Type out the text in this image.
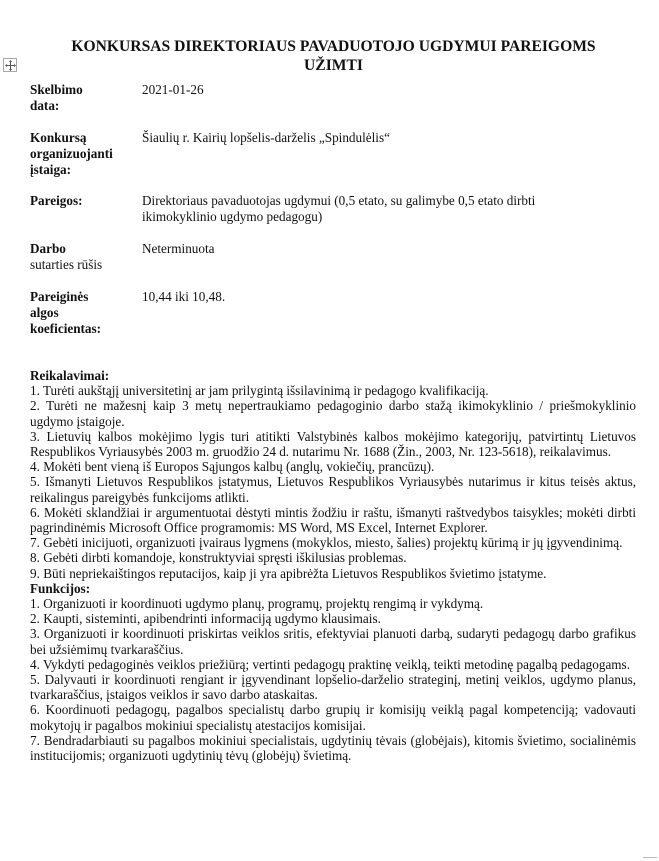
KONKURSAS DIREKTORIAUS PAVADUOTOJO UGDYMUI PAREIGOMS
UŽIMTI
Skelbimo
data:
2021-01-26
Konkursą
organizuojanti
įstaiga:
Šiaulių r. Kairių lopšelis-darželis „Spindulėlis“
Pareigos:	Direktoriaus pavaduotojas ugdymui (0,5 etato, su galimybe 0,5 etato dirbti
ikimokyklinio ugdymo pedagogu)
Darbo
sutarties rūšis
Neterminuota
Pareiginės
algos
koeficientas:
10,44 iki 10,48.
Reikalavimai:
1. Turėti aukštąjį universitetinį ar jam prilygintą išsilavinimą ir pedagogo kvalifikaciją.
2. Turėti ne mažesnį kaip 3 metų nepertraukiamo pedagoginio darbo stažą ikimokyklinio / priešmokyklinio ugdymo įstaigoje.
3. Lietuvių kalbos mokėjimo lygis turi atitikti Valstybinės kalbos mokėjimo kategorijų, patvirtintų Lietuvos Respublikos Vyriausybės 2003 m. gruodžio 24 d. nutarimu Nr. 1688 (Žin., 2003, Nr. 123-5618), reikalavimus.
4. Mokėti bent vieną iš Europos Sąjungos kalbų (anglų, vokiečių, prancūzų).
5. Išmanyti Lietuvos Respublikos įstatymus, Lietuvos Respublikos Vyriausybės nutarimus ir kitus teisės aktus, reikalingus pareigybės funkcijoms atlikti.
6. Mokėti sklandžiai ir argumentuotai dėstyti mintis žodžiu ir raštu, išmanyti raštvedybos taisykles; mokėti dirbti pagrindinėmis Microsoft Office programomis: MS Word, MS Excel, Internet Explorer.
7. Gebėti inicijuoti, organizuoti įvairaus lygmens (mokyklos, miesto, šalies) projektų kūrimą ir jų įgyvendinimą.
8. Gebėti dirbti komandoje, konstruktyviai spręsti iškilusias problemas.
9. Būti nepriekaištingos reputacijos, kaip ji yra apibrėžta Lietuvos Respublikos švietimo įstatyme.
Funkcijos:
1. Organizuoti ir koordinuoti ugdymo planų, programų, projektų rengimą ir vykdymą.
2. Kaupti, sisteminti, apibendrinti informaciją ugdymo klausimais.
3. Organizuoti ir koordinuoti priskirtas veiklos sritis, efektyviai planuoti darbą, sudaryti pedagogų darbo grafikus bei užsiėmimų tvarkaraščius.
4. Vykdyti pedagoginės veiklos priežiūrą; vertinti pedagogų praktinę veiklą, teikti metodinę pagalbą pedagogams.
5. Dalyvauti ir koordinuoti rengiant ir įgyvendinant lopšelio-darželio strateginį, metinį veiklos, ugdymo planus, tvarkaraščius, įstaigos veiklos ir savo darbo ataskaitas.
6. Koordinuoti pedagogų, pagalbos specialistų darbo grupių ir komisijų veiklą pagal kompetenciją; vadovauti mokytojų ir pagalbos mokiniui specialistų atestacijos komisijai.
7. Bendradarbiauti su pagalbos mokiniui specialistais, ugdytinių tėvais (globėjais), kitomis švietimo, socialinėmis institucijomis; organizuoti ugdytinių tėvų (globėjų) švietimą.
